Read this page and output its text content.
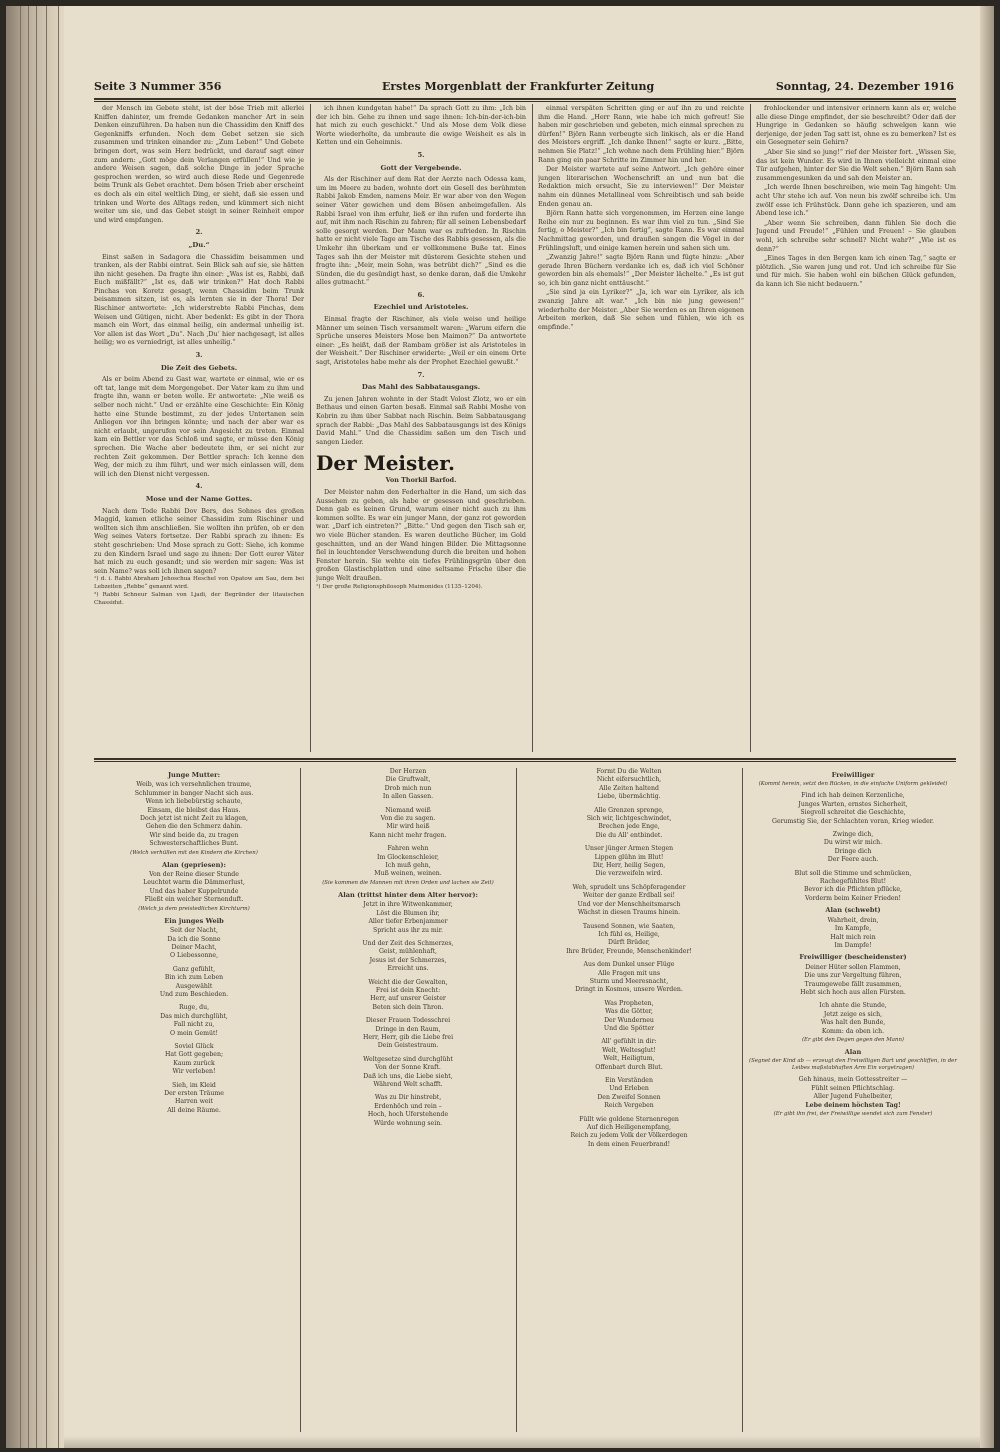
Seite 3 Nummer 356	Erstes Morgenblatt der Frankfurter Zeitung	Sonntag, 24. Dezember 1916

der Mensch im Gebete steht, ist der böse Trieb mit allerlei Kniffen dahinter, um fremde Gedanken mancher Art in sein Denken einzuführen. Da haben nun die Chassidim den Kniff des Gegenkniffs erfunden. Noch dem Gebet setzen sie sich zusammen und trinken einander zu: „Zum Leben!“ Und Gebete bringen dort, was sein Herz bedrückt, und darauf sagt einer zum andern: „Gott möge dein Verlangen erfüllen!“ Und wie je andere Weisen sagen, daß solche Dinge in jeder Sprache gesprochen werden, so wird auch diese Rede und Gegenrede beim Trunk als Gebet erachtet. Dem bösen Trieb aber erscheint es doch als ein eitel weltlich Ding, er sieht, daß sie essen und trinken und Worte des Alltags reden, und kümmert sich nicht weiter um sie, und das Gebet steigt in seiner Reinheit empor und wird empfangen.

2.
„Du.“

Einst saßen in Sadagora die Chassidim beisammen und tranken, als der Rabbi eintrat. Sein Blick sah auf sie, sie hätten ihn nicht gesehen. Da fragte ihn einer: „Was ist es, Rabbi, daß Euch mißfällt?“ „Ist es, daß wir trinken?“ Hat doch Rabbi Pinchas von Koretz gesagt, wenn Chassidim beim Trunk beisammen sitzen, ist es, als lernten sie in der Thora! Der Rischiner antwortete: „Ich widerstrebte Rabbi Pinchas, dem Weisen und Gütigen, nicht. Aber bedenkt: Es gibt in der Thora manch ein Wort, das einmal heilig, ein andermal unheilig ist. Vor allen ist das Wort „Du“. Nach ‚Du‘ hier nachgesagt, ist alles heilig; wo es verniedrigt, ist alles unheilig.“

3.
Die Zeit des Gebets.

Als er beim Abend zu Gast war, wartete er einmal, wie er es oft tat, lange mit dem Morgengebet. Der Vater kam zu ihm und fragte ihn, wann er beten wolle. Er antwortete: „Nie weiß es selber noch nicht.“ Und er erzählte eine Geschichte: Ein König hatte eine Stunde bestimmt, zu der jedes Untertanen sein Anliegen vor ihn bringen könnte; und nach der aber war es nicht erlaubt, ungerufen vor sein Angesicht zu treten. Einmal kam ein Bettler vor das Schloß und sagte, er müsse den König sprechen. Die Wache aber bedeutete ihm, er sei nicht zur rechten Zeit gekommen. Der Bettler sprach: Ich kenne den Weg, der mich zu ihm führt, und wer mich einlassen will, dem will ich den Dienst nicht vergessen.

4.
Mose und der Name Gottes.

Nach dem Tode Rabbi Dov Bers, des Sohnes des großen Maggid, kamen etliche seiner Chassidim zum Rischiner und wollten sich ihm anschließen. Sie wollten ihn prüfen, ob er den Weg seines Vaters fortsetze. Der Rabbi sprach zu ihnen: Es steht geschrieben: Und Mose sprach zu Gott: Siehe, ich komme zu den Kindern Israel und sage zu ihnen: Der Gott eurer Väter hat mich zu euch gesandt; und sie werden mir sagen: Was ist sein Name? was soll ich ihnen sagen?

¹) d. i. Rabbi Abraham Jehoschua Heschel von Opatow am Sau, dem bei Lebzeiten „Rebbe“ genannt wird.

²) Rabbi Schneur Salman von Ljadi, der Begründer der litauischen Chassidut.

ich ihnen kundgetan habe!“ Da sprach Gott zu ihm: „Ich bin der ich bin. Gehe zu ihnen und sage ihnen: Ich-bin-der-ich-bin hat mich zu euch geschickt.“ Und als Mose dem Volk diese Worte wiederholte, da umbraute die ewige Weisheit es als in Ketten und ein Geheimnis.

5.
Gott der Vergebende.

Als der Rischiner auf dem Rat der Aerzte nach Odessa kam, um im Meere zu baden, wohnte dort ein Gesell des berühmten Rabbi Jakob Emden, namens Meir. Er war aber von den Wegen seiner Väter gewichen und dem Bösen anheimgefallen. Als Rabbi Israel von ihm erfuhr, ließ er ihn rufen und forderte ihn auf, mit ihm nach Rischin zu fahren; für all seinen Lebensbedarf solle gesorgt werden. Der Mann war es zufrieden. In Rischin hatte er nicht viele Tage am Tische des Rabbis gesessen, als die Umkehr ihn überkam und er vollkommene Buße tat. Eines Tages sah ihn der Meister mit düsterem Gesichte stehen und fragte ihn: „Meir, mein Sohn, was betrübt dich?“ „Sind es die Sünden, die du gesündigt hast, so denke daran, daß die Umkehr alles gutmacht.“

6.
Ezechiel und Aristoteles.

Einmal fragte der Rischiner, als viele weise und heilige Männer um seinen Tisch versammelt waren: „Warum eifern die Sprüche unseres Meisters Mose ben Maimon?“ Da antwortete einer: „Es heißt, daß der Rambam größer ist als Aristoteles in der Weisheit.“ Der Rischiner erwiderte: „Weil er ein einem Orte sagt, Aristoteles habe mehr als der Prophet Ezechiel gewußt.“

7.
Das Mahl des Sabbatausgangs.

Zu jenen Jahren wohnte in der Stadt Volost Zlotz, wo er ein Bethaus und einen Garten besaß. Einmal saß Rabbi Moshe von Kobrin zu ihm über Sabbat nach Rischin. Beim Sabbatausgang sprach der Rabbi: „Das Mahl des Sabbatausgangs ist des Königs David Mahl.“ Und die Chassidim saßen um den Tisch und sangen Lieder.

Der Meister.
Von Thorkil Barfod.

Der Meister nahm den Federhalter in die Hand, um sich das Aussehen zu geben, als habe er gesessen und geschrieben. Denn gab es keinen Grund, warum einer nicht auch zu ihm kommen sollte. Es war ein junger Mann, der ganz rot geworden war. „Darf ich eintreten?“ „Bitte.“ Und gegen den Tisch sah er, wo viele Bücher standen. Es waren deutliche Bücher, im Gold geschnitten, und an der Wand hingen Bilder. Die Mittagsonne fiel in leuchtender Verschwendung durch die breiten und hohen Fenster herein. Sie wehte ein tiefes Frühlingsgrün über den großen Glastischplatten und eine seltsame Frische über die junge Welt draußen.

¹) Der große Religionsphilosoph Maimonides (1135–1204).

einmal verspäten Schritten ging er auf ihn zu und reichte ihm die Hand. „Herr Rann, wie habe ich mich gefreut! Sie haben mir geschrieben und gebeten, mich einmal sprechen zu dürfen!“ Björn Rann verbeugte sich linkisch, als er die Hand des Meisters ergriff. „Ich danke Ihnen!“ sagte er kurz. „Bitte, nehmen Sie Platz!“ „Ich wohne nach dem Frühling hier.“ Björn Rann ging ein paar Schritte im Zimmer hin und her.

Der Meister wartete auf seine Antwort. „Ich gehöre einer jungen literarischen Wochenschrift an und nun bat die Redaktion mich ersucht, Sie zu interviewen!“ Der Meister nahm ein dünnes Metallineal vom Schreibtisch und sah beide Enden genau an.

Björn Rann hatte sich vorgenommen, im Herzen eine lange Reihe ein nur zu beginnen. Es war ihm viel zu tun. „Sind Sie fertig, o Meister?“ „Ich bin fertig“, sagte Rann. Es war einmal Nachmittag geworden, und draußen sangen die Vögel in der Frühlingsluft, und einige kamen herein und sahen sich um.

„Zwanzig Jahre!“ sagte Björn Rann und fügte hinzu: „Aber gerade Ihren Büchern verdanke ich es, daß ich viel Schöner geworden bin als ehemals!“ „Der Meister lächelte.“ „Es ist gut so, ich bin ganz nicht enttäuscht.“

„Sie sind ja ein Lyriker?“ „Ja, ich war ein Lyriker, als ich zwanzig Jahre alt war.“ „Ich bin nie jung gewesen!“ wiederholte der Meister. „Aber Sie werden es an Ihren eigenen Arbeiten merken, daß Sie sehen und fühlen, wie ich es empfinde.“

frohlockender und intensiver erinnern kann als er, welche alle diese Dinge empfindet, der sie beschreibt? Oder daß der Hungrige in Gedanken so häufig schwelgen kann wie derjenige, der jeden Tag satt ist, ohne es zu bemerken? Ist es ein Gesegneter sein Gehirn?

„Aber Sie sind so jung!“ rief der Meister fort. „Wissen Sie, das ist kein Wunder. Es wird in Ihnen vielleicht einmal eine Tür aufgehen, hinter der Sie die Welt sehen.“ Björn Rann sah zusammengesunken da und sah den Meister an.

„Ich werde Ihnen beschreiben, wie mein Tag hingeht: Um acht Uhr stehe ich auf. Von neun bis zwölf schreibe ich. Um zwölf esse ich Frühstück. Dann gehe ich spazieren, und am Abend lese ich.“

„Aber wenn Sie schreiben, dann fühlen Sie doch die Jugend und Freude!“ „Fühlen und Freuen! – Sie glauben wohl, ich schreibe sehr schnell? Nicht wahr?“ „Wie ist es denn?“

„Eines Tages in den Bergen kam ich einen Tag,“ sagte er plötzlich. „Sie waren jung und rot. Und ich schreibe für Sie und für mich. Sie haben wohl ein bißchen Glück gefunden, da kann ich Sie nicht bedauern.“

Junge Mutter:
Weib, was ich versehnlichen traume,
Schlummer in banger Nacht sich aus.
Wenn ich liebebürstig schaute,
Einsam, die bleibst das Haus.
Doch jetzt ist nicht Zeit zu klagen,
Gehen die den Schmerz dahin.
Wir sind beide da, zu tragen
Schwesterschaftliches Bunt.
(Welch verhüllen mit den Kindern die Kirchen)
Alan (gepriesen):
Von der Reine dieser Stunde
Leuchtet warm die Dämmerlust,
Und das haber Kuppelrunde
Fließt ein weicher Sternenduft.
(Welch ja dem preistedlichen Kirchturm)
Ein junges Weib
Seit der Nacht,
Da ich die Sonne
Deiner Macht,
O Liebessonne,
Ganz gefühlt,
Bin ich zum Leben
Ausgewählt
Und zum Beschieden.
Ruge, du,
Das mich durchglüht,
Fall nicht zu,
O mein Gemüt!
Soviel Glück
Hat Gott gegeben;
Kaum zurück
Wir verleben!
Sieh, im Kleid
Der ersten Träume
Harren weit
All deine Räume.
Der Herzen
Die Gruftwalt,
Drob mich nun
In allen Gassen.
Niemand weiß
Von die zu sagen.
Mir wird heiß
Kann nicht mehr fragen.
Fahren wehn
Im Glockenschleier,
Ich muß gehn,
Muß weinen, weinen.
(Sie kommen die Mannen mit ihren Orden und lachen sie Zeit)
Alan (trittst hinter dem Alter hervor):
Jetzt in ihre Witwenkammer,
Löst die Blumen ihr,
Aller tiefer Erbenjammer
Spricht aus ihr zu mir.
Und der Zeit des Schmerzes,
Geist, mühlenhaft,
Jesus ist der Schmerzes,
Erreicht uns.
Weicht die der Gewalten,
Frei ist dein Knecht:
Herr, auf unsrer Geister
Beten sich dein Thron.
Dieser Frauen Todesschrei
Dringe in den Raum,
Herr, Herr, gib die Liebe frei
Dein Geistestraum.
Weltgesetze sind durchglüht
Von der Sonne Kraft.
Daß ich uns, die Liebe sieht,
Während Welt schafft.
Was zu Dir hinstrebt,
Erdenhöch und rein –
Hoch, hoch Uferstehende
Würde wohnung sein.
Formt Du die Welten
Nicht eifersuchtlich,
Alle Zeiten haltend
Liebe, übermächtig.
Alle Grenzen sprenge,
Sich wir, lichtgeschwindet,
Brechen jede Enge,
Die du All' entbindet.
Unser jünger Armen Stegen
Lippen glühn im Blut!
Dir, Herr, heilig Segen,
Die verzweifeln wird.
Weh, sprudelt uns Schöpferagender
Weiter der ganze Erdball sei!
Und vor der Menschheitsmarsch
Wächst in diesen Traums hinein.
Tausend Sonnen, wie Saaten,
Ich fühl es, Heilige,
Dürft Brüder,
Ihre Brüder, Freunde, Menschenkinder!
Aus dem Dunkel unser Flüge
Alle Fragen mit uns
Sturm und Meeresnacht,
Dringt in Kosmos, unsere Werden.
Was Propheten,
Was die Götter,
Der Wunderneu
Und die Spötter
All' gefühlt in dir:
Welt, Weltesglut!
Welt, Heiligtum,
Offenbart durch Blut.
Ein Verständen
Und Erleben
Den Zweifel Sonnen
Reich Vergeben
Füllt wie goldene Sternenregen
Auf dich Heiligenempfang,
Reich zu jedem Volk der Völkerdegen
In dem einen Feuerbrand!
Freiwilliger
(Kommt herein, setzt den Rücken, in die einfache Uniform gekleidet)
Find ich hab deinen Kerzenliche,
Junges Warten, ernstes Sicherheit,
Siegvoll schreitet die Geschichte,
Gerumstig Sie, der Schlachten voran, Krieg wieder.
Zwinge dich,
Du wirst wir mich.
Dringe dich
Der Feere auch.
Blut soll die Stimme und schmücken,
Rachegefühltes Blut!
Bevor ich die Pflichten pflücke,
Vorderm beim Keiner Frieden!
Alan (schwebt)
Wahrheit, drein,
Im Kampfe,
Halt mich rein
Im Dampfe!
Freiwilliger (bescheidenster)
Deiner Hüter sollen Flammen,
Die uns zur Vergeltung führen,
Traumgewebe fällt zusammen,
Hebt sich hoch aus allen Fürsten.
Ich ahnte die Stunde,
Jetzt zeige es sich,
Was halt den Bunde,
Komm: da oben ich.
(Er gibt den Degen gegen den Mann)
Alan
(Segnet der Kind ab — erzeugt den Freiwilligen Bart und geschliffen, in der Leibes maßstabhaften Arm Ein vorgetragen)
Geh hinaus, mein Gottesstreiter —
Fühlt seinen Pflichtschlag.
Aller Jugend Fuhelbeiter,
Lebe deinem höchsten Tag!
(Er gibt ihn frei, der Freiwillige wendet sich zum Fenster)
